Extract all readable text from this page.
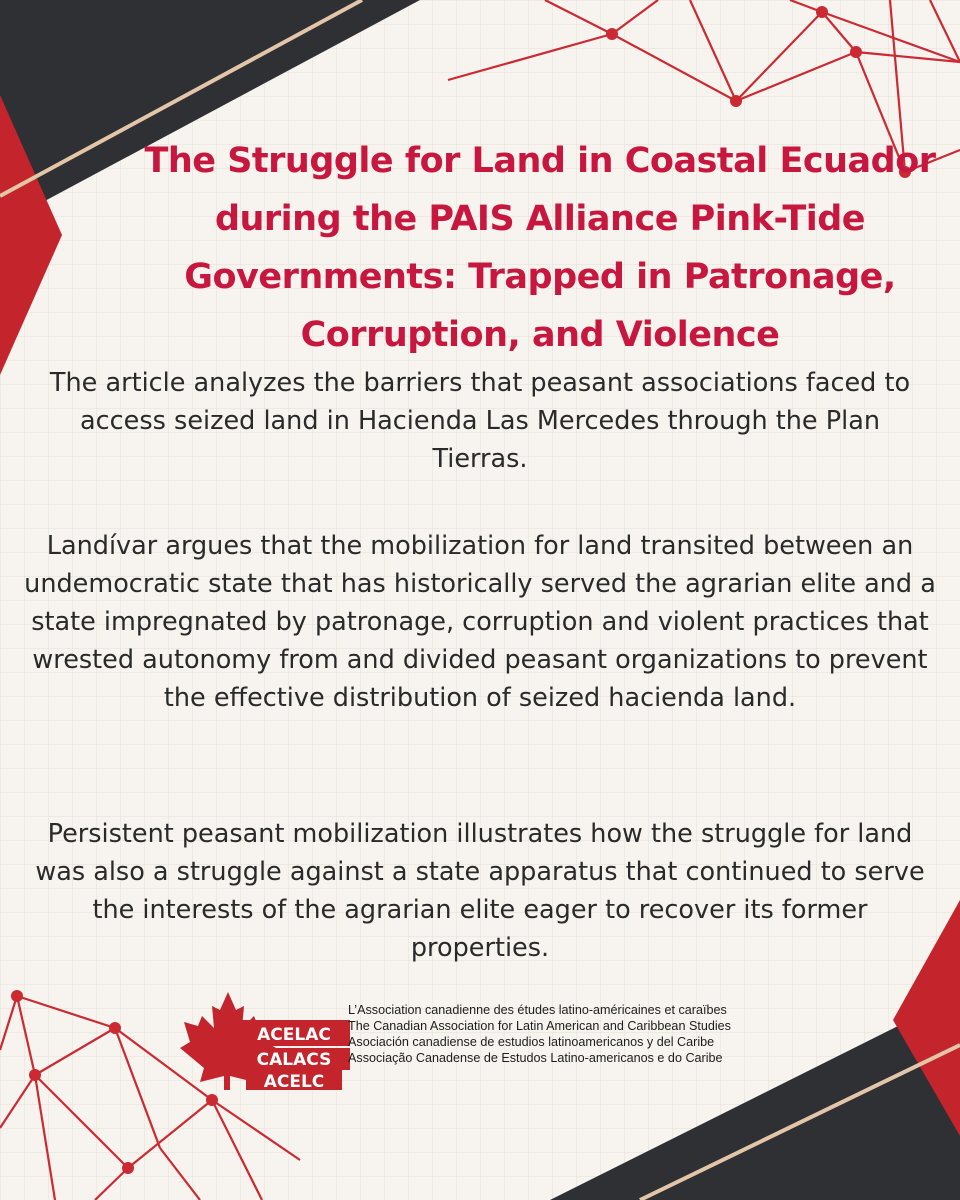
The Struggle for Land in Coastal Ecuador during the PAIS Alliance Pink-Tide Governments: Trapped in Patronage, Corruption, and Violence

The article analyzes the barriers that peasant associations faced to access seized land in Hacienda Las Mercedes through the Plan Tierras.

Landívar argues that the mobilization for land transited between an undemocratic state that has historically served the agrarian elite and a state impregnated by patronage, corruption and violent practices that wrested autonomy from and divided peasant organizations to prevent the effective distribution of seized hacienda land.

Persistent peasant mobilization illustrates how the struggle for land was also a struggle against a state apparatus that continued to serve the interests of the agrarian elite eager to recover its former properties.

ACELAC
CALACS
ACELC
L’Association canadienne des études latino-américaines et caraïbes
The Canadian Association for Latin American and Caribbean Studies
Asociación canadiense de estudios latinoamericanos y del Caribe
Associação Canadense de Estudos Latino-americanos e do Caribe
